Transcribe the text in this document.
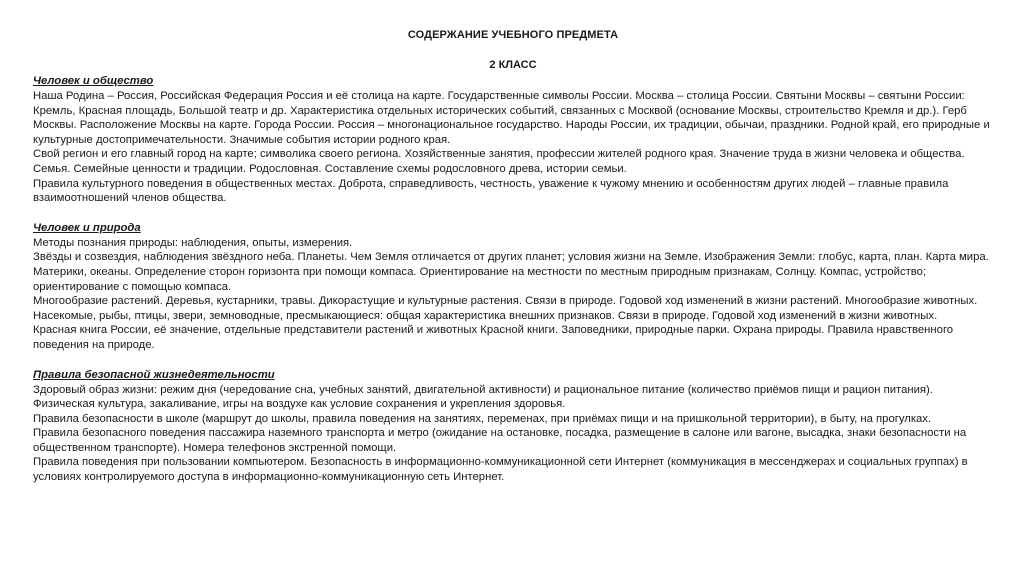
СОДЕРЖАНИЕ УЧЕБНОГО ПРЕДМЕТА
2 КЛАСС

Человек и общество

Наша Родина – Россия, Российская Федерация Россия и её столица на карте. Государственные символы России. Москва – столица России. Святыни Москвы – святыни России: Кремль, Красная площадь, Большой театр и др. Характеристика отдельных исторических событий, связанных с Москвой (основание Москвы, строительство Кремля и др.). Герб Москвы. Расположение Москвы на карте. Города России. Россия – многонациональное государство. Народы России, их традиции, обычаи, праздники. Родной край, его природные и культурные достопримечательности. Значимые события истории родного края.

Свой регион и его главный город на карте; символика своего региона. Хозяйственные занятия, профессии жителей родного края. Значение труда в жизни человека и общества.

Семья. Семейные ценности и традиции. Родословная. Составление схемы родословного древа, истории семьи.

Правила культурного поведения в общественных местах. Доброта, справедливость, честность, уважение к чужому мнению и особенностям других людей – главные правила взаимоотношений членов общества.

Человек и природа

Методы познания природы: наблюдения, опыты, измерения.

Звёзды и созвездия, наблюдения звёздного неба. Планеты. Чем Земля отличается от других планет; условия жизни на Земле. Изображения Земли: глобус, карта, план. Карта мира. Материки, океаны. Определение сторон горизонта при помощи компаса. Ориентирование на местности по местным природным признакам, Солнцу. Компас, устройство; ориентирование с помощью компаса.

Многообразие растений. Деревья, кустарники, травы. Дикорастущие и культурные растения. Связи в природе. Годовой ход изменений в жизни растений. Многообразие животных. Насекомые, рыбы, птицы, звери, земноводные, пресмыкающиеся: общая характеристика внешних признаков. Связи в природе. Годовой ход изменений в жизни животных.

Красная книга России, её значение, отдельные представители растений и животных Красной книги. Заповедники, природные парки. Охрана природы. Правила нравственного поведения на природе.

Правила безопасной жизнедеятельности

Здоровый образ жизни: режим дня (чередование сна, учебных занятий, двигательной активности) и рациональное питание (количество приёмов пищи и рацион питания). Физическая культура, закаливание, игры на воздухе как условие сохранения и укрепления здоровья.

Правила безопасности в школе (маршрут до школы, правила поведения на занятиях, переменах, при приёмах пищи и на пришкольной территории), в быту, на прогулках.

Правила безопасного поведения пассажира наземного транспорта и метро (ожидание на остановке, посадка, размещение в салоне или вагоне, высадка, знаки безопасности на общественном транспорте). Номера телефонов экстренной помощи.

Правила поведения при пользовании компьютером. Безопасность в информационно-коммуникационной сети Интернет (коммуникация в мессенджерах и социальных группах) в условиях контролируемого доступа в информационно-коммуникационную сеть Интернет.
